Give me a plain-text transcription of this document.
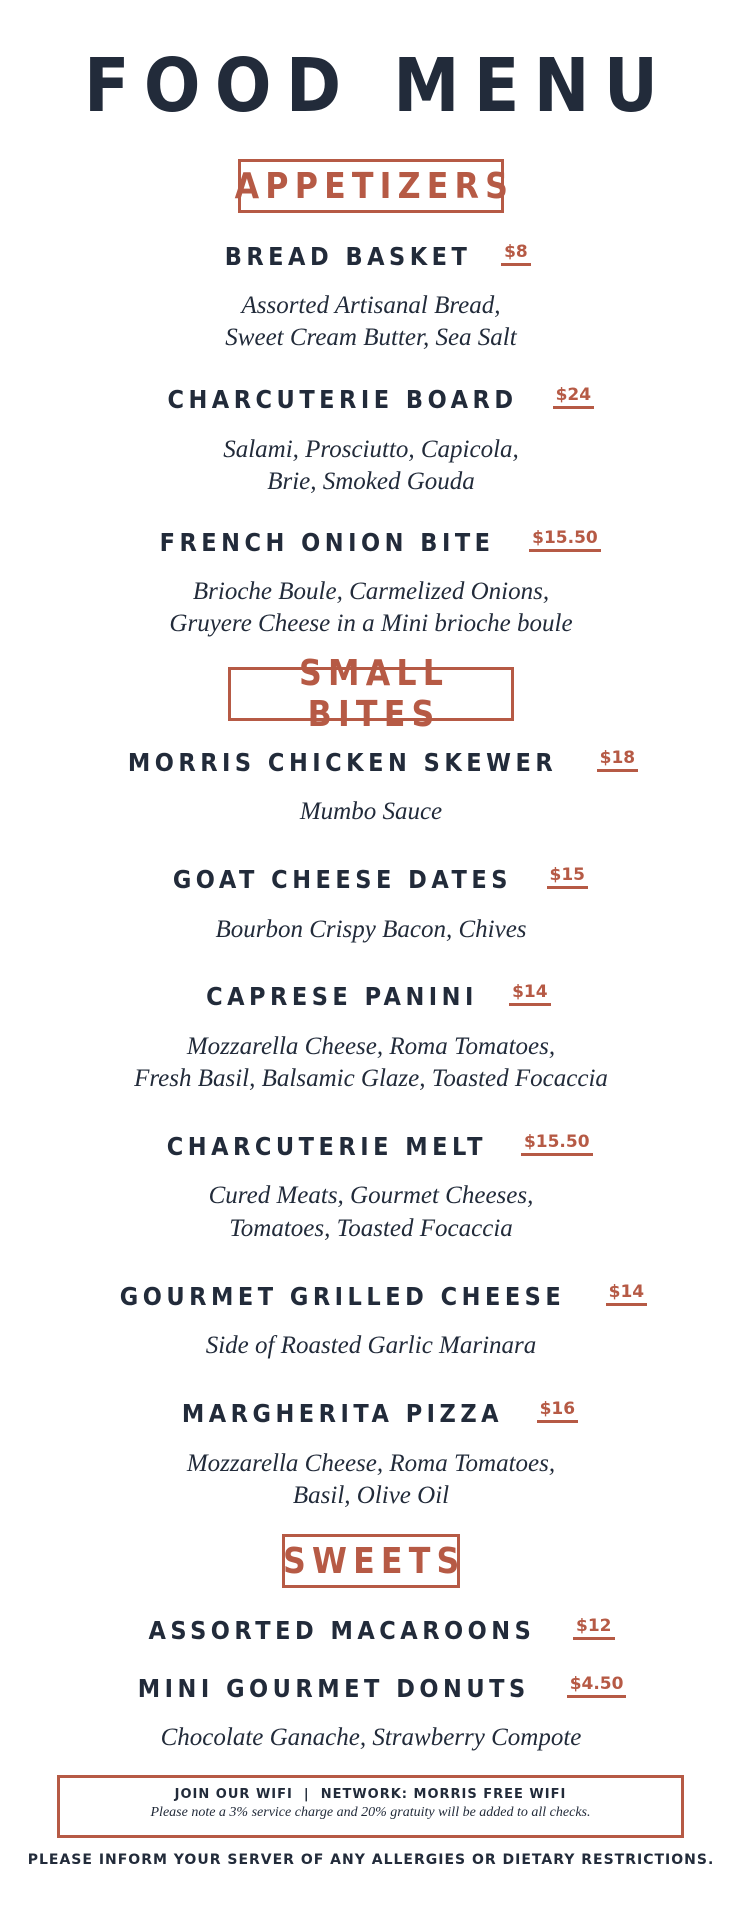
FOOD MENU
APPETIZERS
BREAD BASKET $8
Assorted Artisanal Bread,
Sweet Cream Butter, Sea Salt
CHARCUTERIE BOARD $24
Salami, Prosciutto, Capicola,
Brie, Smoked Gouda
FRENCH ONION BITE $15.50
Brioche Boule, Carmelized Onions,
Gruyere Cheese in a Mini brioche boule
SMALL BITES
MORRIS CHICKEN SKEWER	$18
Mumbo Sauce
GOAT CHEESE DATES $15
Bourbon Crispy Bacon, Chives
CAPRESE PANINI $14
Mozzarella Cheese, Roma Tomatoes,
Fresh Basil, Balsamic Glaze, Toasted Focaccia
CHARCUTERIE MELT $15.50
Cured Meats, Gourmet Cheeses,
Tomatoes, Toasted Focaccia
GOURMET GRILLED CHEESE	$14
Side of Roasted Garlic Marinara
MARGHERITA PIZZA $16
Mozzarella Cheese, Roma Tomatoes,
Basil, Olive Oil
SWEETS
ASSORTED MACAROONS $12
MINI GOURMET DONUTS $4.50
Chocolate Ganache, Strawberry Compote
JOIN OUR WIFI  |  NETWORK: MORRIS FREE WIFI
Please note a 3% service charge and 20% gratuity will be added to all checks.
PLEASE INFORM YOUR SERVER OF ANY ALLERGIES OR DIETARY RESTRICTIONS.
